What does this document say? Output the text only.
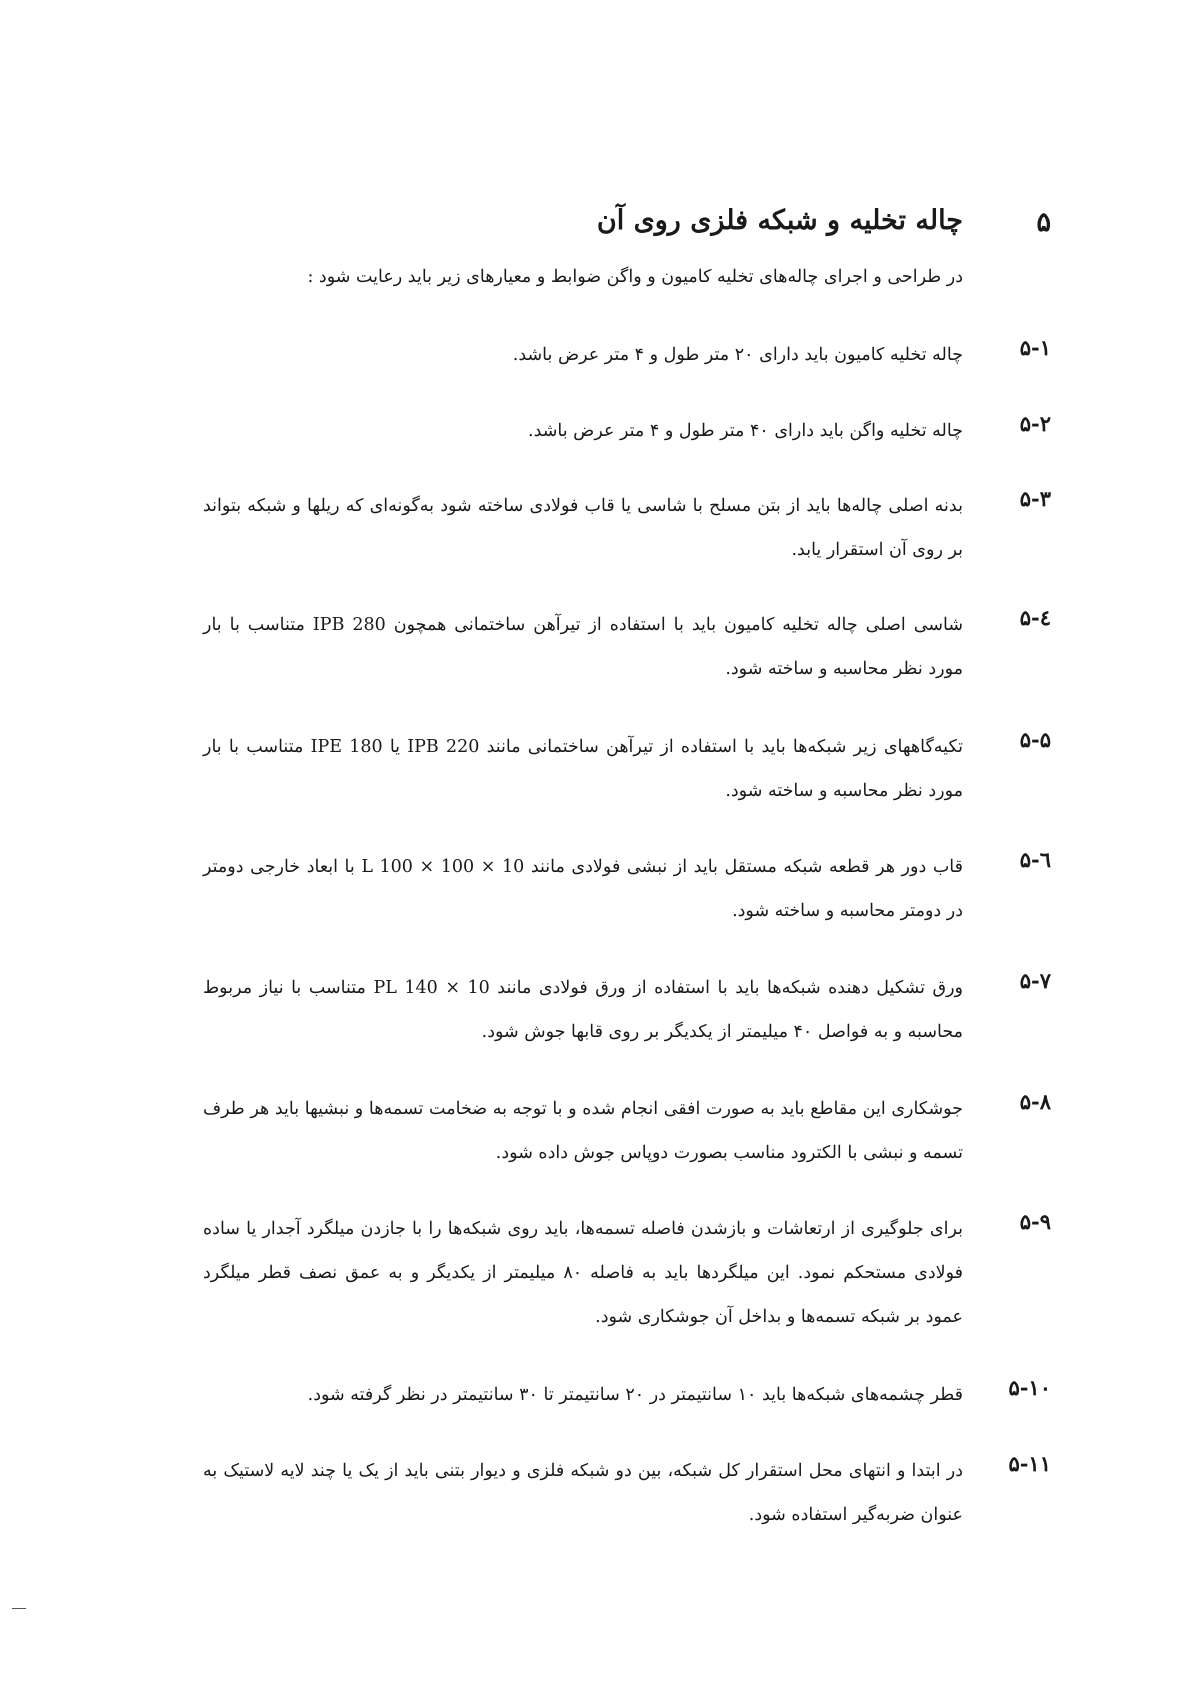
۵
چاله تخلیه و شبکه فلزی روی آن
در طراحی و اجرای چاله‌های تخلیه کامیون و واگن ضوابط و معیارهای زیر باید رعایت شود :
۵-۱
چاله تخلیه کامیون باید دارای ۲۰ متر طول و ۴ متر عرض باشد.
۵-۲
چاله تخلیه واگن باید دارای ۴۰ متر طول و ۴ متر عرض باشد.
۵-۳
بدنه اصلی چاله‌ها باید از بتن مسلح با شاسی یا قاب فولادی ساخته شود به‌گونه‌ای که ریلها و شبکه بتواند بر روی آن استقرار یابد.
۵-٤
شاسی اصلی چاله تخلیه کامیون باید با استفاده از تیرآهن ساختمانی همچون IPB 280 متناسب با بار مورد نظر محاسبه و ساخته شود.
۵-۵
تکیه‌گاههای زیر شبکه‌ها باید با استفاده از تیرآهن ساختمانی مانند IPB 220 یا IPE 180 متناسب با بار مورد نظر محاسبه و ساخته شود.
۵-٦
قاب دور هر قطعه شبکه مستقل باید از نبشی فولادی مانند 10 × 100 × L 100 با ابعاد خارجی دومتر در دومتر محاسبه و ساخته شود.
۵-۷
ورق تشکیل دهنده شبکه‌ها باید با استفاده از ورق فولادی مانند 10 × PL 140 متناسب با نیاز مربوط محاسبه و به فواصل ۴۰ میلیمتر از یکدیگر بر روی قابها جوش شود.
۵-۸
جوشکاری این مقاطع باید به صورت افقی انجام شده و با توجه به ضخامت تسمه‌ها و نبشیها باید هر طرف تسمه و نبشی با الکترود مناسب بصورت دوپاس جوش داده شود.
۵-۹
برای جلوگیری از ارتعاشات و بازشدن فاصله تسمه‌ها، باید روی شبکه‌ها را با جازدن میلگرد آجدار یا ساده فولادی مستحکم نمود. این میلگردها باید به فاصله ۸۰ میلیمتر از یکدیگر و به عمق نصف قطر میلگرد عمود بر شبکه تسمه‌ها و بداخل آن جوشکاری شود.
۵-۱۰
قطر چشمه‌های شبکه‌ها باید ۱۰ سانتیمتر در ۲۰ سانتیمتر تا ۳۰ سانتیمتر در نظر گرفته شود.
۵-۱۱
در ابتدا و انتهای محل استقرار کل شبکه، بین دو شبکه فلزی و دیوار بتنی باید از یک یا چند لایه لاستیک به عنوان ضربه‌گیر استفاده شود.
